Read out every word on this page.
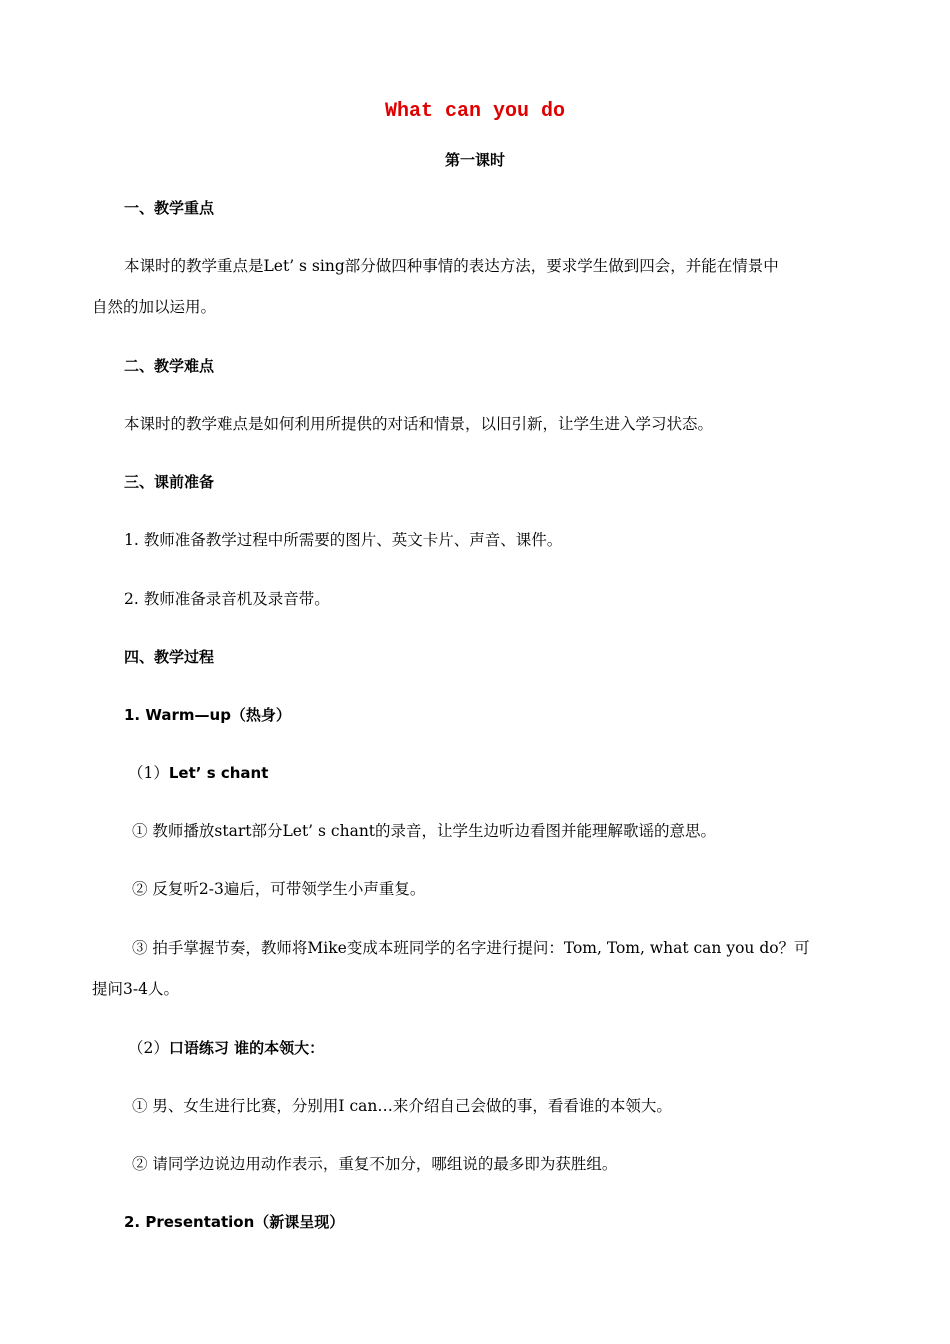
What can you do
第一课时
一、教学重点
本课时的教学重点是Let’ s sing部分做四种事情的表达方法，要求学生做到四会，并能在情景中
自然的加以运用。
二、教学难点
本课时的教学难点是如何利用所提供的对话和情景，以旧引新，让学生进入学习状态。
三、课前准备
1. 教师准备教学过程中所需要的图片、英文卡片、声音、课件。
2. 教师准备录音机及录音带。
四、教学过程
1. Warm—up（热身）
（1）Let’ s chant
① 教师播放start部分Let’ s chant的录音，让学生边听边看图并能理解歌谣的意思。
② 反复听2-3遍后，可带领学生小声重复。
③ 拍手掌握节奏，教师将Mike变成本班同学的名字进行提问：Tom, Tom, what can you do？可
提问3-4人。
（2）口语练习 谁的本领大：
① 男、女生进行比赛，分别用I can…来介绍自己会做的事，看看谁的本领大。
② 请同学边说边用动作表示，重复不加分，哪组说的最多即为获胜组。
2. Presentation（新课呈现）
